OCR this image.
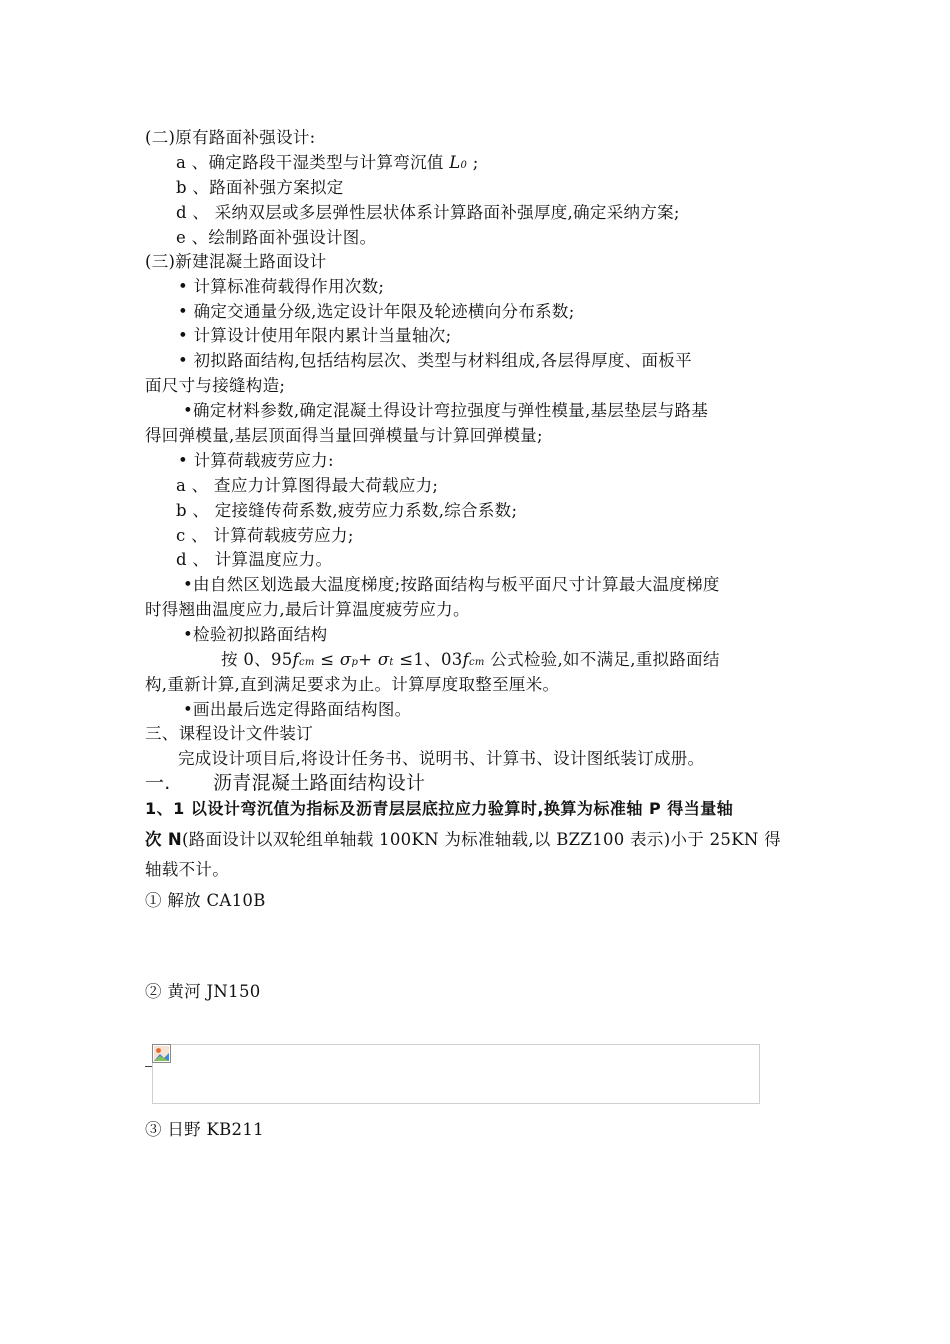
(二)原有路面补强设计:
a 、确定路段干湿类型与计算弯沉值 L0 ;
b 、路面补强方案拟定
d 、 采纳双层或多层弹性层状体系计算路面补强厚度,确定采纳方案;
e 、绘制路面补强设计图。
(三)新建混凝土路面设计
• 计算标准荷载得作用次数;
• 确定交通量分级,选定设计年限及轮迹横向分布系数;
• 计算设计使用年限内累计当量轴次;
• 初拟路面结构,包括结构层次、类型与材料组成,各层得厚度、面板平
面尺寸与接缝构造;
•确定材料参数,确定混凝土得设计弯拉强度与弹性模量,基层垫层与路基
得回弹模量,基层顶面得当量回弹模量与计算回弹模量;
• 计算荷载疲劳应力:
a 、 查应力计算图得最大荷载应力;
b 、 定接缝传荷系数,疲劳应力系数,综合系数;
c 、 计算荷载疲劳应力;
d 、 计算温度应力。
•由自然区划选最大温度梯度;按路面结构与板平面尺寸计算最大温度梯度
时得翘曲温度应力,最后计算温度疲劳应力。
•检验初拟路面结构
按 0、95fcm ≤ σp+ σt ≤1、03fcm 公式检验,如不满足,重拟路面结
构,重新计算,直到满足要求为止。计算厚度取整至厘米。
•画出最后选定得路面结构图。
三、课程设计文件装订
完成设计项目后,将设计任务书、说明书、计算书、设计图纸装订成册。
一. 沥青混凝土路面结构设计
1、1 以设计弯沉值为指标及沥青层层底拉应力验算时,换算为标准轴 P 得当量轴
次 N(路面设计以双轮组单轴载 100KN 为标准轴载,以 BZZ100 表示)小于 25KN 得
轴载不计。
① 解放 CA10B
② 黄河 JN150
③ 日野 KB211
